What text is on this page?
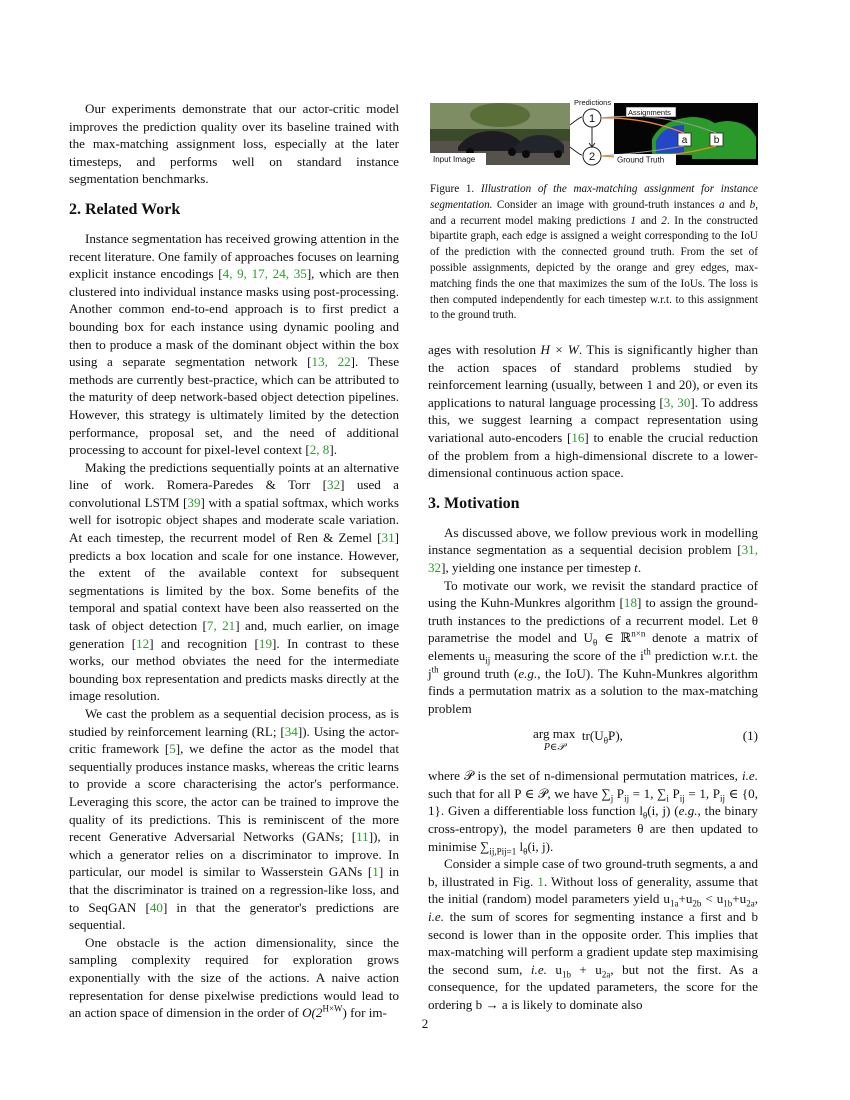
Our experiments demonstrate that our actor-critic model improves the prediction quality over its baseline trained with the max-matching assignment loss, especially at the later timesteps, and performs well on standard instance segmentation benchmarks.

2. Related Work

Instance segmentation has received growing attention in the recent literature. One family of approaches focuses on learning explicit instance encodings [4, 9, 17, 24, 35], which are then clustered into individual instance masks using post-processing. Another common end-to-end approach is to first predict a bounding box for each instance using dynamic pooling and then to produce a mask of the dominant object within the box using a separate segmentation network [13, 22]. These methods are currently best-practice, which can be attributed to the maturity of deep network-based object detection pipelines. However, this strategy is ultimately limited by the detection performance, proposal set, and the need of additional processing to account for pixel-level context [2, 8].

Making the predictions sequentially points at an alternative line of work. Romera-Paredes & Torr [32] used a convolutional LSTM [39] with a spatial softmax, which works well for isotropic object shapes and moderate scale variation. At each timestep, the recurrent model of Ren & Zemel [31] predicts a box location and scale for one instance. However, the extent of the available context for subsequent segmentations is limited by the box. Some benefits of the temporal and spatial context have been also reasserted on the task of object detection [7, 21] and, much earlier, on image generation [12] and recognition [19]. In contrast to these works, our method obviates the need for the intermediate bounding box representation and predicts masks directly at the image resolution.

We cast the problem as a sequential decision process, as is studied by reinforcement learning (RL; [34]). Using the actor-critic framework [5], we define the actor as the model that sequentially produces instance masks, whereas the critic learns to provide a score characterising the actor's performance. Leveraging this score, the actor can be trained to improve the quality of its predictions. This is reminiscent of the more recent Generative Adversarial Networks (GANs; [11]), in which a generator relies on a discriminator to improve. In particular, our model is similar to Wasserstein GANs [1] in that the discriminator is trained on a regression-like loss, and to SeqGAN [40] in that the generator's predictions are sequential.

One obstacle is the action dimensionality, since the sampling complexity required for exploration grows exponentially with the size of the actions. A naive action representation for dense pixelwise predictions would lead to an action space of dimension in the order of $O(2^{H\times W})$ for im-

Input Image
Predictions
1
2
a	b
Assignments
Ground Truth
Figure 1. Illustration of the max-matching assignment for instance segmentation. Consider an image with ground-truth instances a and b, and a recurrent model making predictions 1 and 2. In the constructed bipartite graph, each edge is assigned a weight corresponding to the IoU of the prediction with the connected ground truth. From the set of possible assignments, depicted by the orange and grey edges, max-matching finds the one that maximizes the sum of the IoUs. The loss is then computed independently for each timestep w.r.t. to this assignment to the ground truth.

ages with resolution H × W. This is significantly higher than the action spaces of standard problems studied by reinforcement learning (usually, between 1 and 20), or even its applications to natural language processing [3, 30]. To address this, we suggest learning a compact representation using variational auto-encoders [16] to enable the crucial reduction of the problem from a high-dimensional discrete to a lower-dimensional continuous action space.

3. Motivation

As discussed above, we follow previous work in modelling instance segmentation as a sequential decision problem [31, 32], yielding one instance per timestep t.

To motivate our work, we revisit the standard practice of using the Kuhn-Munkres algorithm [18] to assign the ground-truth instances to the predictions of a recurrent model. Let θ parametrise the model and $U_\theta$ ∈ ℝ$^{n\times n}$ denote a matrix of elements $u_{ij}$ measuring the score of the $i^{th}$ prediction w.r.t. the $j^{th}$ ground truth (e.g., the IoU). The Kuhn-Munkres algorithm finds a permutation matrix as a solution to the max-matching problem

arg max
P∈𝒫
$tr(U_\theta P)$,	(1)

where 𝒫 is the set of n-dimensional permutation matrices, i.e. such that for all P ∈ 𝒫, we have $\sum_j$ $P_{ij} = 1$, $\sum_i$ $P_{ij} = 1$, $P_{ij}$ ∈ {0, 1}. Given a differentiable loss function $l_\theta(i$, j) (e.g., the binary cross-entropy), the model parameters θ are then updated to minimise $\sum_{ij,Pij=1}$ $l_\theta(i$, j).

Consider a simple case of two ground-truth segments, a and b, illustrated in Fig. 1. Without loss of generality, assume that the initial (random) model parameters yield $u_{1a}+u_{2b} < u_{1b}+u_{2a}$, i.e. the sum of scores for segmenting instance a first and b second is lower than in the opposite order. This implies that max-matching will perform a gradient update step maximising the second sum, i.e. $u_{1b} + u_{2a}$, but not the first. As a consequence, for the updated parameters, the score for the ordering b → a is likely to dominate also

2
